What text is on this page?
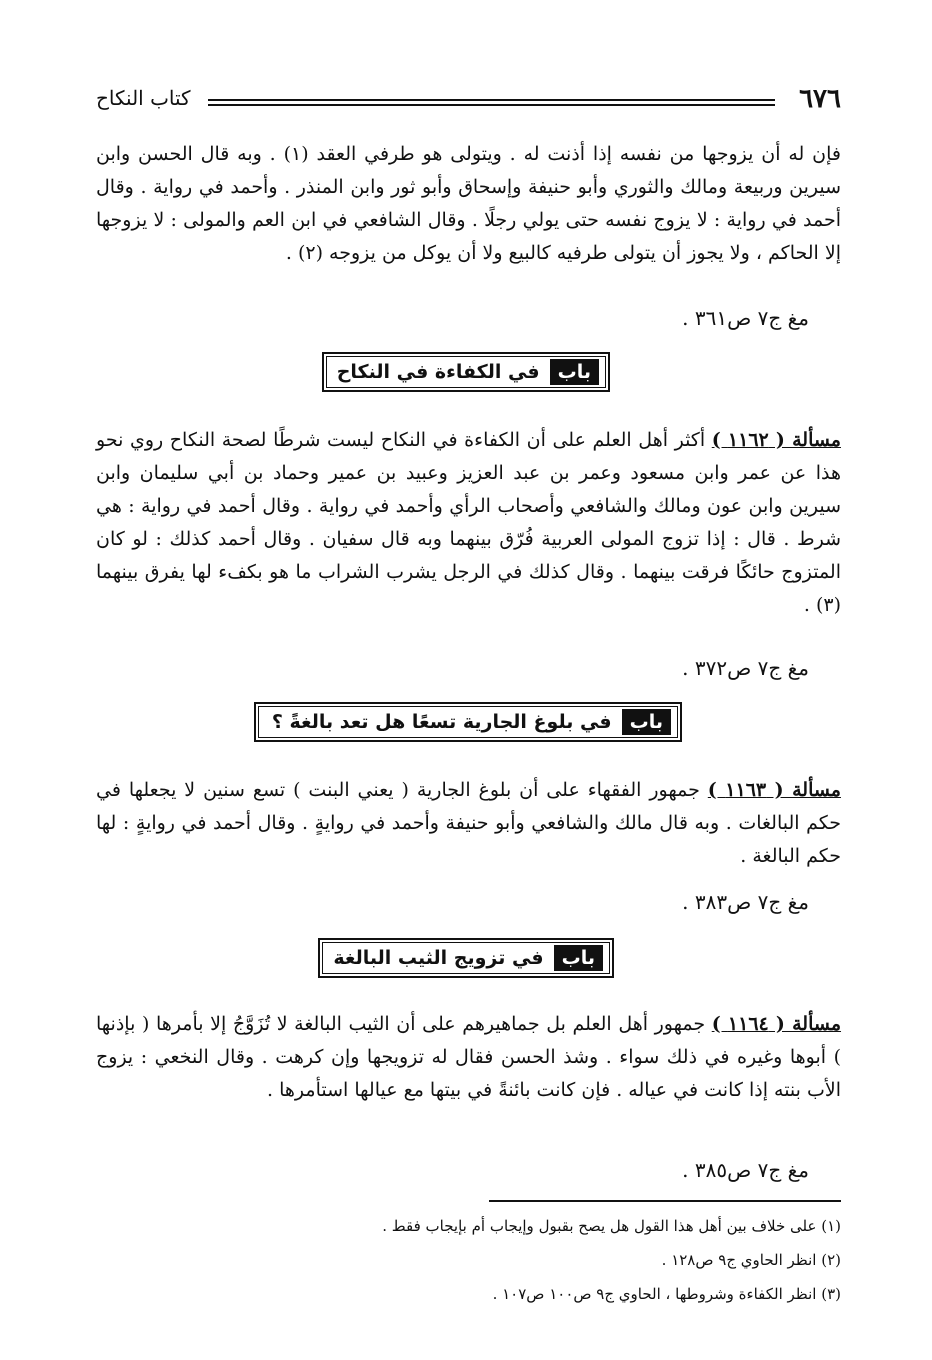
٦٧٦
كتاب النكاح

فإن له أن يزوجها من نفسه إذا أذنت له . ويتولى هو طرفي العقد (١) . وبه قال الحسن وابن سيرين وربيعة ومالك والثوري وأبو حنيفة وإسحاق وأبو ثور وابن المنذر . وأحمد في رواية . وقال أحمد في رواية : لا يزوج نفسه حتى يولي رجلًا . وقال الشافعي في ابن العم والمولى : لا يزوجها إلا الحاكم ، ولا يجوز أن يتولى طرفيه كالبيع ولا أن يوكل من يزوجه (٢) .

مغ ج٧ ص٣٦١ .

باب
في الكفاءة في النكاح

مسألة ( ١١٦٢ ) أكثر أهل العلم على أن الكفاءة في النكاح ليست شرطًا لصحة النكاح روي نحو هذا عن عمر وابن مسعود وعمر بن عبد العزيز وعبيد بن عمير وحماد بن أبي سليمان وابن سيرين وابن عون ومالك والشافعي وأصحاب الرأي وأحمد في رواية . وقال أحمد في رواية : هي شرط . قال : إذا تزوج المولى العربية فُرّق بينهما وبه قال سفيان . وقال أحمد كذلك : لو كان المتزوج حائكًا فرقت بينهما . وقال كذلك في الرجل يشرب الشراب ما هو بكفء لها يفرق بينهما (٣) .

مغ ج٧ ص٣٧٢ .

باب
في بلوغ الجارية تسعًا هل تعد بالغةً ؟

مسألة ( ١١٦٣ ) جمهور الفقهاء على أن بلوغ الجارية ( يعني البنت ) تسع سنين لا يجعلها في حكم البالغات . وبه قال مالك والشافعي وأبو حنيفة وأحمد في روايةٍ . وقال أحمد في روايةٍ : لها حكم البالغة .

مغ ج٧ ص٣٨٣ .

باب
في تزويج الثيب البالغة

مسألة ( ١١٦٤ ) جمهور أهل العلم بل جماهيرهم على أن الثيب البالغة لا تُزَوَّجُ إلا بأمرها ( بإذنها ) أبوها وغيره في ذلك سواء . وشذ الحسن فقال له تزويجها وإن كرهت . وقال النخعي : يزوج الأب بنته إذا كانت في عياله . فإن كانت بائنةً في بيتها مع عيالها استأمرها .

مغ ج٧ ص٣٨٥ .

(١) على خلاف بين أهل هذا القول هل يصح بقبول وإيجاب أم بإيجاب فقط .

(٢) انظر الحاوي ج٩ ص١٢٨ .

(٣) انظر الكفاءة وشروطها ، الحاوي ج٩ ص١٠٠ ص١٠٧ .
